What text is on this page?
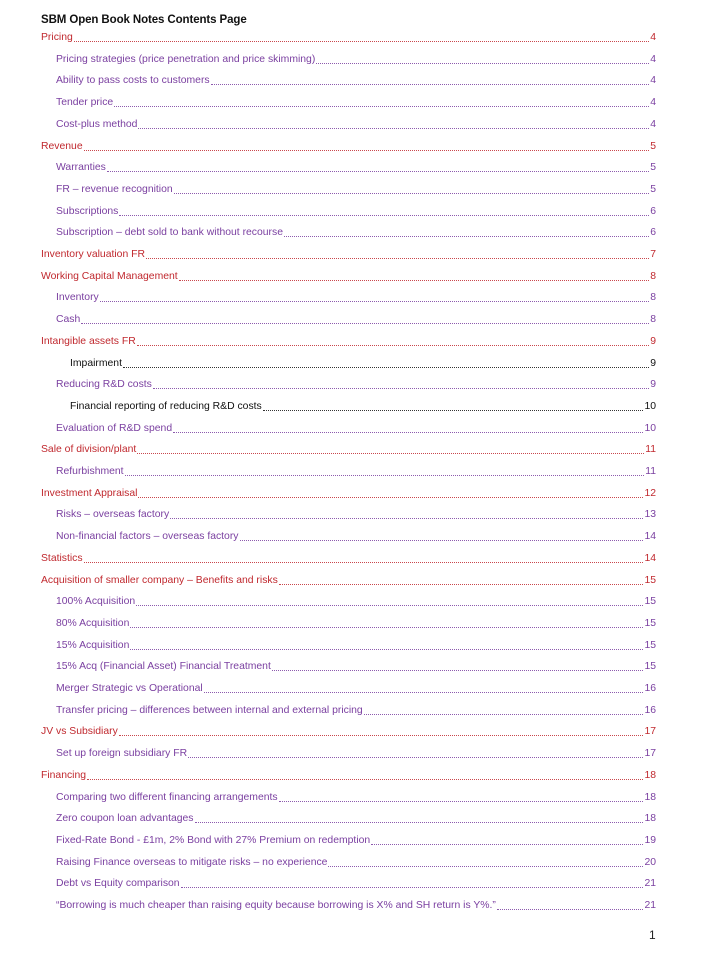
SBM Open Book Notes Contents Page
Pricing	4
Pricing strategies (price penetration and price skimming)	4
Ability to pass costs to customers	4
Tender price	4
Cost-plus method	4
Revenue	5
Warranties	5
FR – revenue recognition	5
Subscriptions	6
Subscription – debt sold to bank without recourse	6
Inventory valuation FR	7
Working Capital Management	8
Inventory	8
Cash	8
Intangible assets FR	9
Impairment	9
Reducing R&D costs	9
Financial reporting of reducing R&D costs	10
Evaluation of R&D spend	10
Sale of division/plant	11
Refurbishment	11
Investment Appraisal	12
Risks – overseas factory	13
Non-financial factors – overseas factory	14
Statistics	14
Acquisition of smaller company – Benefits and risks	15
100% Acquisition	15
80% Acquisition	15
15% Acquisition	15
15% Acq (Financial Asset) Financial Treatment	15
Merger Strategic vs Operational	16
Transfer pricing – differences between internal and external pricing	16
JV vs Subsidiary	17
Set up foreign subsidiary FR	17
Financing	18
Comparing two different financing arrangements	18
Zero coupon loan advantages	18
Fixed-Rate Bond - £1m, 2% Bond with 27% Premium on redemption	19
Raising Finance overseas to mitigate risks – no experience	20
Debt vs Equity comparison	21
“Borrowing is much cheaper than raising equity because borrowing is X% and SH return is Y%.”	21
1
